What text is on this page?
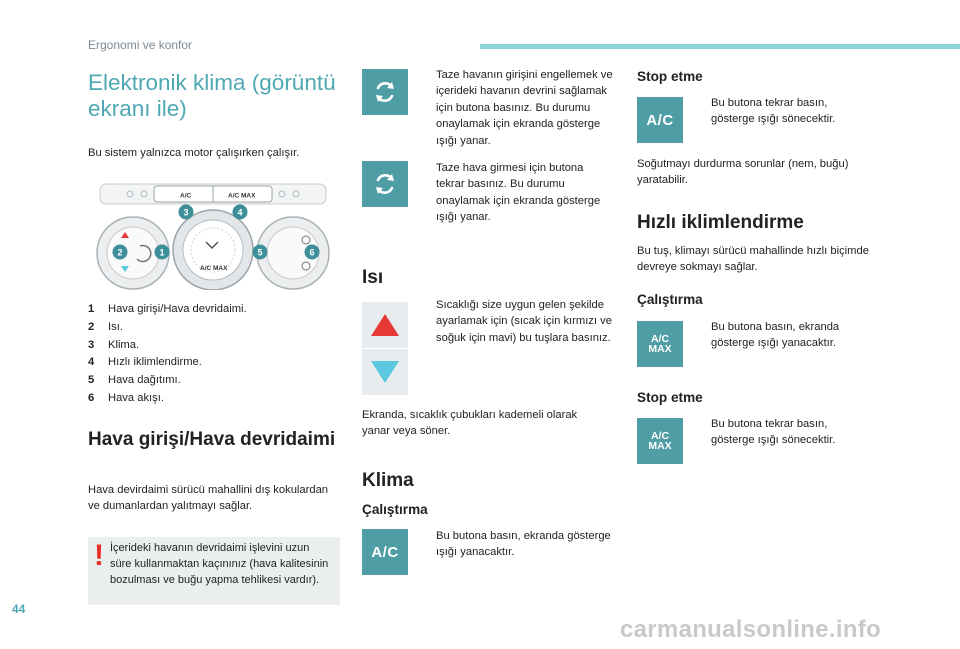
Ergonomi ve konfor
Elektronik klima (görüntü ekranı ile)
Bu sistem yalnızca motor çalışırken çalışır.
A/C	A/C MAX
A/C MAX
3	4
2	1	5	6
1	Hava girişi/Hava devridaimi.
2	Isı.
3	Klima.
4	Hızlı iklimlendirme.
5	Hava dağıtımı.
6	Hava akışı.
Hava girişi/Hava devridaimi
Hava devirdaimi sürücü mahallini dış kokulardan ve dumanlardan yalıtmayı sağlar.
! İçerideki havanın devridaimi işlevini uzun süre kullanmaktan kaçınınız (hava kalitesinin bozulması ve buğu yapma tehlikesi vardır).
Taze havanın girişini engellemek ve içerideki havanın devrini sağlamak için butona basınız. Bu durumu onaylamak için ekranda gösterge ışığı yanar.
Taze hava girmesi için butona tekrar basınız. Bu durumu onaylamak için ekranda gösterge ışığı yanar.
Isı
Sıcaklığı size uygun gelen şekilde ayarlamak için (sıcak için kırmızı ve soğuk için mavi) bu tuşlara basınız.
Ekranda, sıcaklık çubukları kademeli olarak yanar veya söner.
Klima
Çalıştırma
A/C
Bu butona basın, ekranda gösterge ışığı yanacaktır.
Stop etme
A/C
Bu butona tekrar basın, gösterge ışığı sönecektir.
Soğutmayı durdurma sorunlar (nem, buğu) yaratabilir.
Hızlı iklimlendirme
Bu tuş, klimayı sürücü mahallinde hızlı biçimde devreye sokmayı sağlar.
Çalıştırma
A/C
MAX
Bu butona basın, ekranda gösterge ışığı yanacaktır.
Stop etme
A/C
MAX
Bu butona tekrar basın, gösterge ışığı sönecektir.
44
carmanualsonline.info
